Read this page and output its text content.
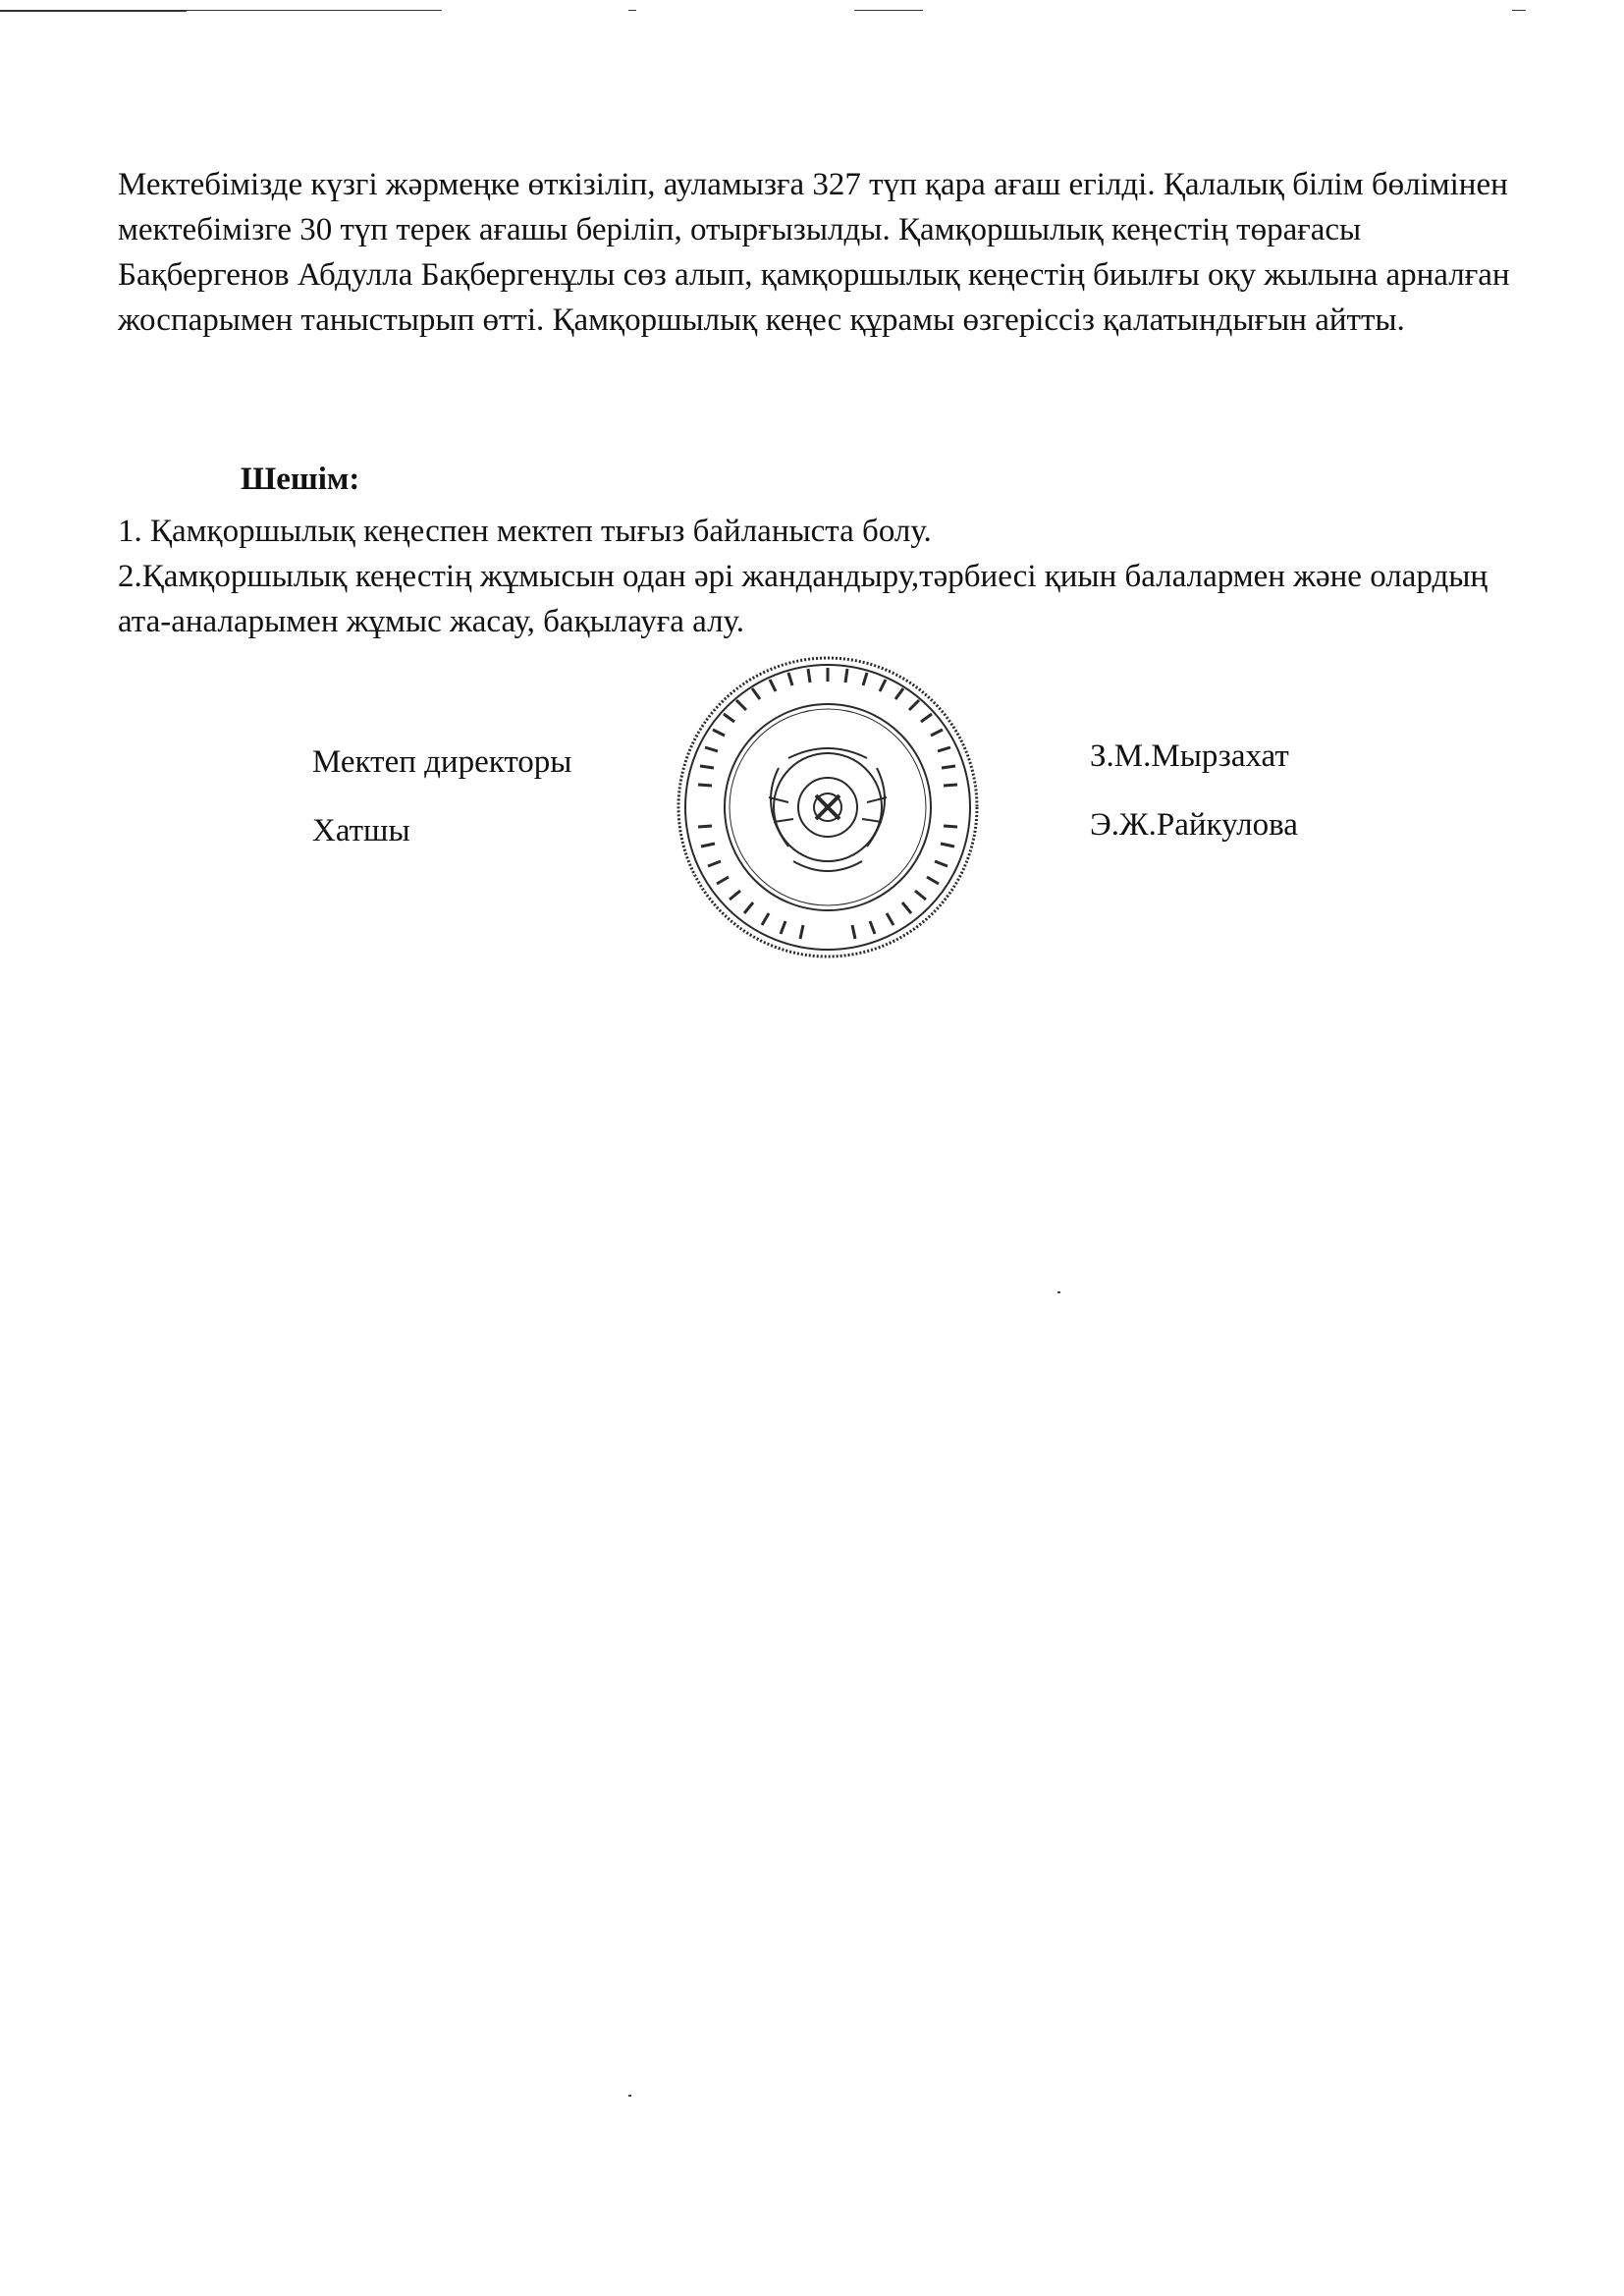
Мектебімізде күзгі жәрмеңке өткізіліп, ауламызға 327 түп қара ағаш егілді. Қалалық білім бөлімінен мектебімізге 30 түп терек ағашы беріліп, отырғызылды. Қамқоршылық кеңестің төрағасы Бақбергенов Абдулла Бақбергенұлы сөз алып, қамқоршылық кеңестің биылғы оқу жылына арналған жоспарымен таныстырып өтті. Қамқоршылық кеңес құрамы өзгеріссіз қалатындығын айтты.

Шешім:

1. Қамқоршылық кеңеспен мектеп тығыз байланыста болу.
2.Қамқоршылық кеңестің жұмысын одан әрі жандандыру,тәрбиесі қиын балалармен және олардың ата-аналарымен жұмыс жасау, бақылауға алу.
Мектеп директоры
Хатшы
З.М.Мырзахат
Э.Ж.Райкулова
